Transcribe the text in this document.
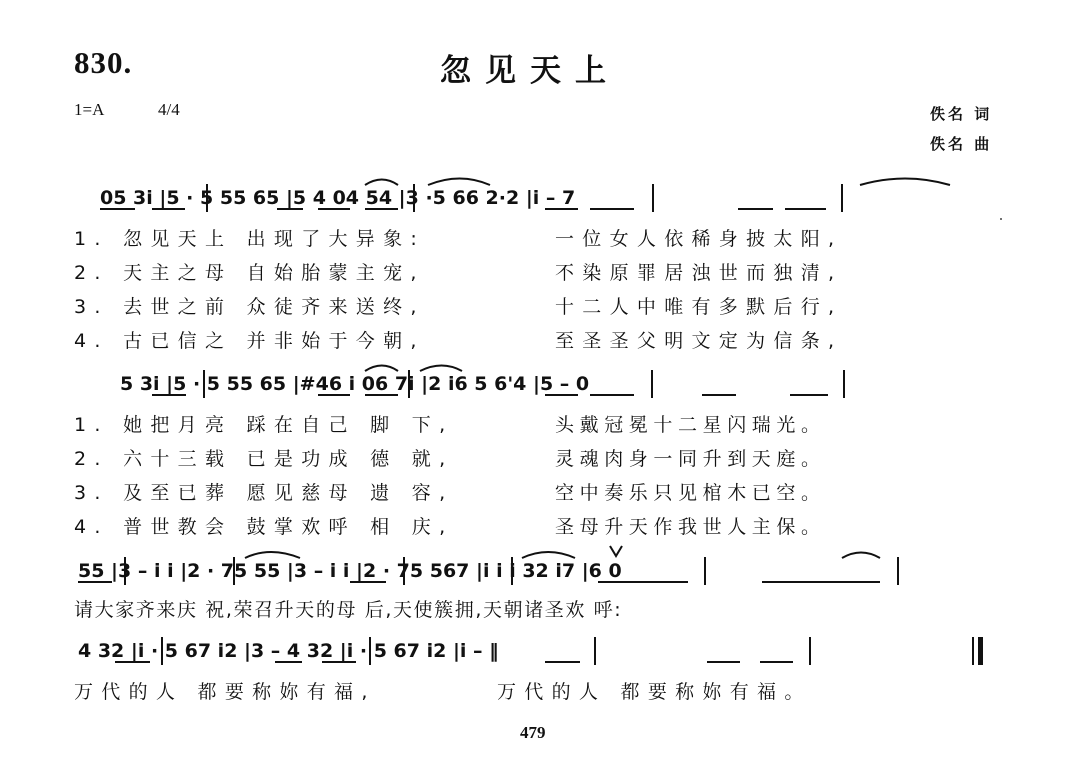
830.	忽见天上
1=A	4/4	佚名 词
佚名 曲
05 3i |5 · 5 55 65 |5 4 04 54 |3 ·5 66 2·2 |i – 7
1. 忽见天上 出现了大异象:
2. 天主之母 自始胎蒙主宠,
3. 去世之前 众徒齐来送终,
4. 古已信之 并非始于今朝,
一位女人依稀身披太阳,
不染原罪居浊世而独清,
十二人中唯有多默后行,
至圣圣父明文定为信条,
5 3i |5 · 5 55 65 |#46 i 06 7i |2 i6 5 6'4 |5 – 0
1. 她把月亮 踩在自己 脚 下,
2. 六十三载 已是功成 德 就,
3. 及至已葬 愿见慈母 遗 容,
4. 普世教会 鼓掌欢呼 相 庆,
头戴冠冕十二星闪瑞光。
灵魂肉身一同升到天庭。
空中奏乐只见棺木已空。
圣母升天作我世人主保。
55 |3 – i i |2 · 75 55 |3 – i i |2 · 75 567 |i i i 32 i7 |6 0
请大家齐来庆 祝,荣召升天的母 后,天使簇拥,天朝诸圣欢 呼:
4 32 |i · 5 67 i2 |3 – 4 32 |i · 5 67 i2 |i – ‖
万代的人 都要称妳有福,	万代的人 都要称妳有福。
479
